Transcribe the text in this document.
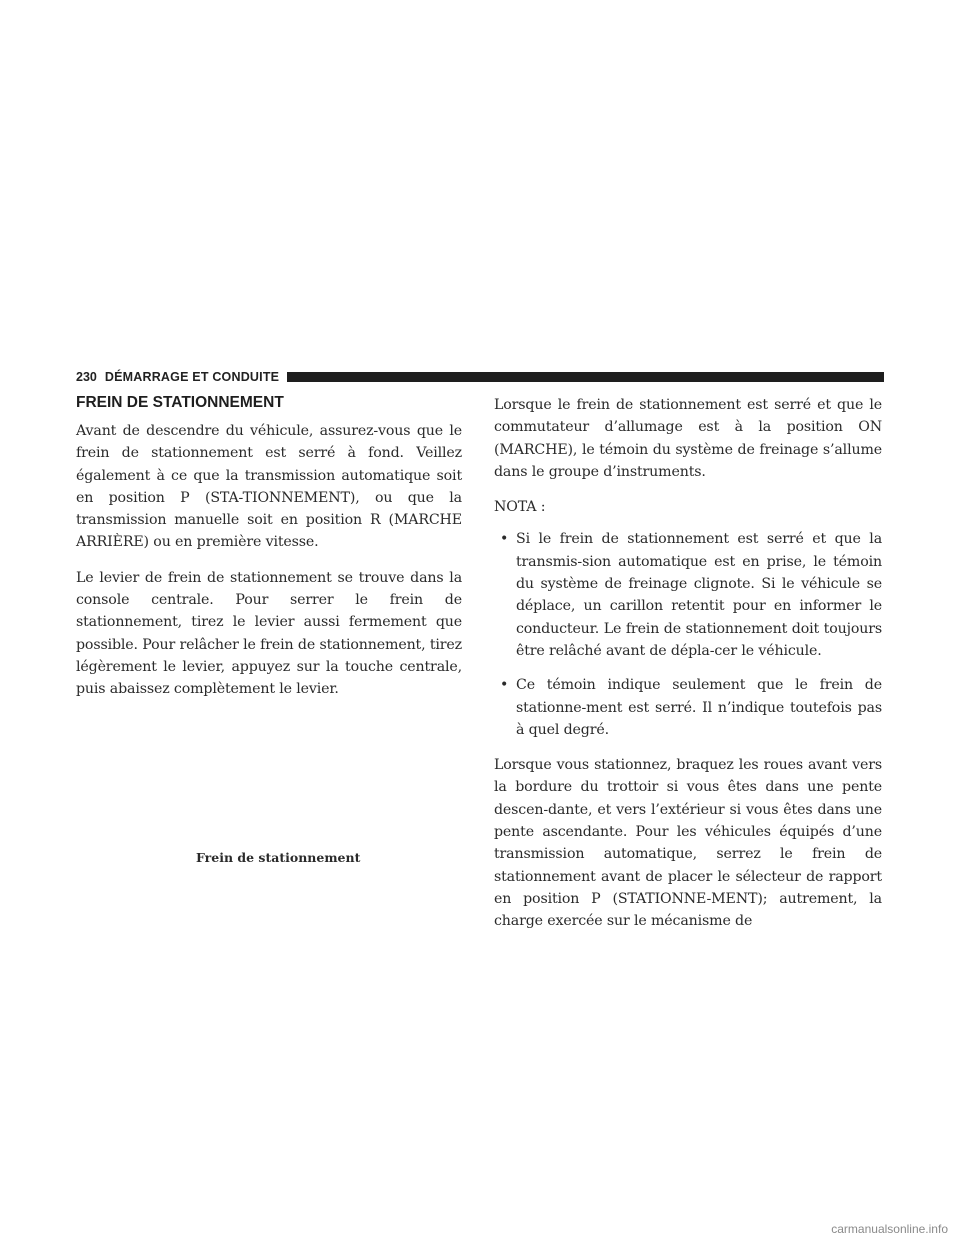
230 DÉMARRAGE ET CONDUITE
FREIN DE STATIONNEMENT

Avant de descendre du véhicule, assurez-vous que le frein de stationnement est serré à fond. Veillez également à ce que la transmission automatique soit en position P (STA-TIONNEMENT), ou que la transmission manuelle soit en position R (MARCHE ARRIÈRE) ou en première vitesse.

Le levier de frein de stationnement se trouve dans la console centrale. Pour serrer le frein de stationnement, tirez le levier aussi fermement que possible. Pour relâcher le frein de stationnement, tirez légèrement le levier, appuyez sur la touche centrale, puis abaissez complètement le levier.

Lorsque le frein de stationnement est serré et que le commutateur d’allumage est à la position ON (MARCHE), le témoin du système de freinage s’allume dans le groupe d’instruments.

NOTA :

• Si le frein de stationnement est serré et que la transmis-sion automatique est en prise, le témoin du système de freinage clignote. Si le véhicule se déplace, un carillon retentit pour en informer le conducteur. Le frein de stationnement doit toujours être relâché avant de dépla-cer le véhicule.
• Ce témoin indique seulement que le frein de stationne-ment est serré. Il n’indique toutefois pas à quel degré.

Lorsque vous stationnez, braquez les roues avant vers la bordure du trottoir si vous êtes dans une pente descen-dante, et vers l’extérieur si vous êtes dans une pente ascendante. Pour les véhicules équipés d’une transmission automatique, serrez le frein de stationnement avant de placer le sélecteur de rapport en position P (STATIONNE-MENT); autrement, la charge exercée sur le mécanisme de

Frein de stationnement
carmanualsonline.info
